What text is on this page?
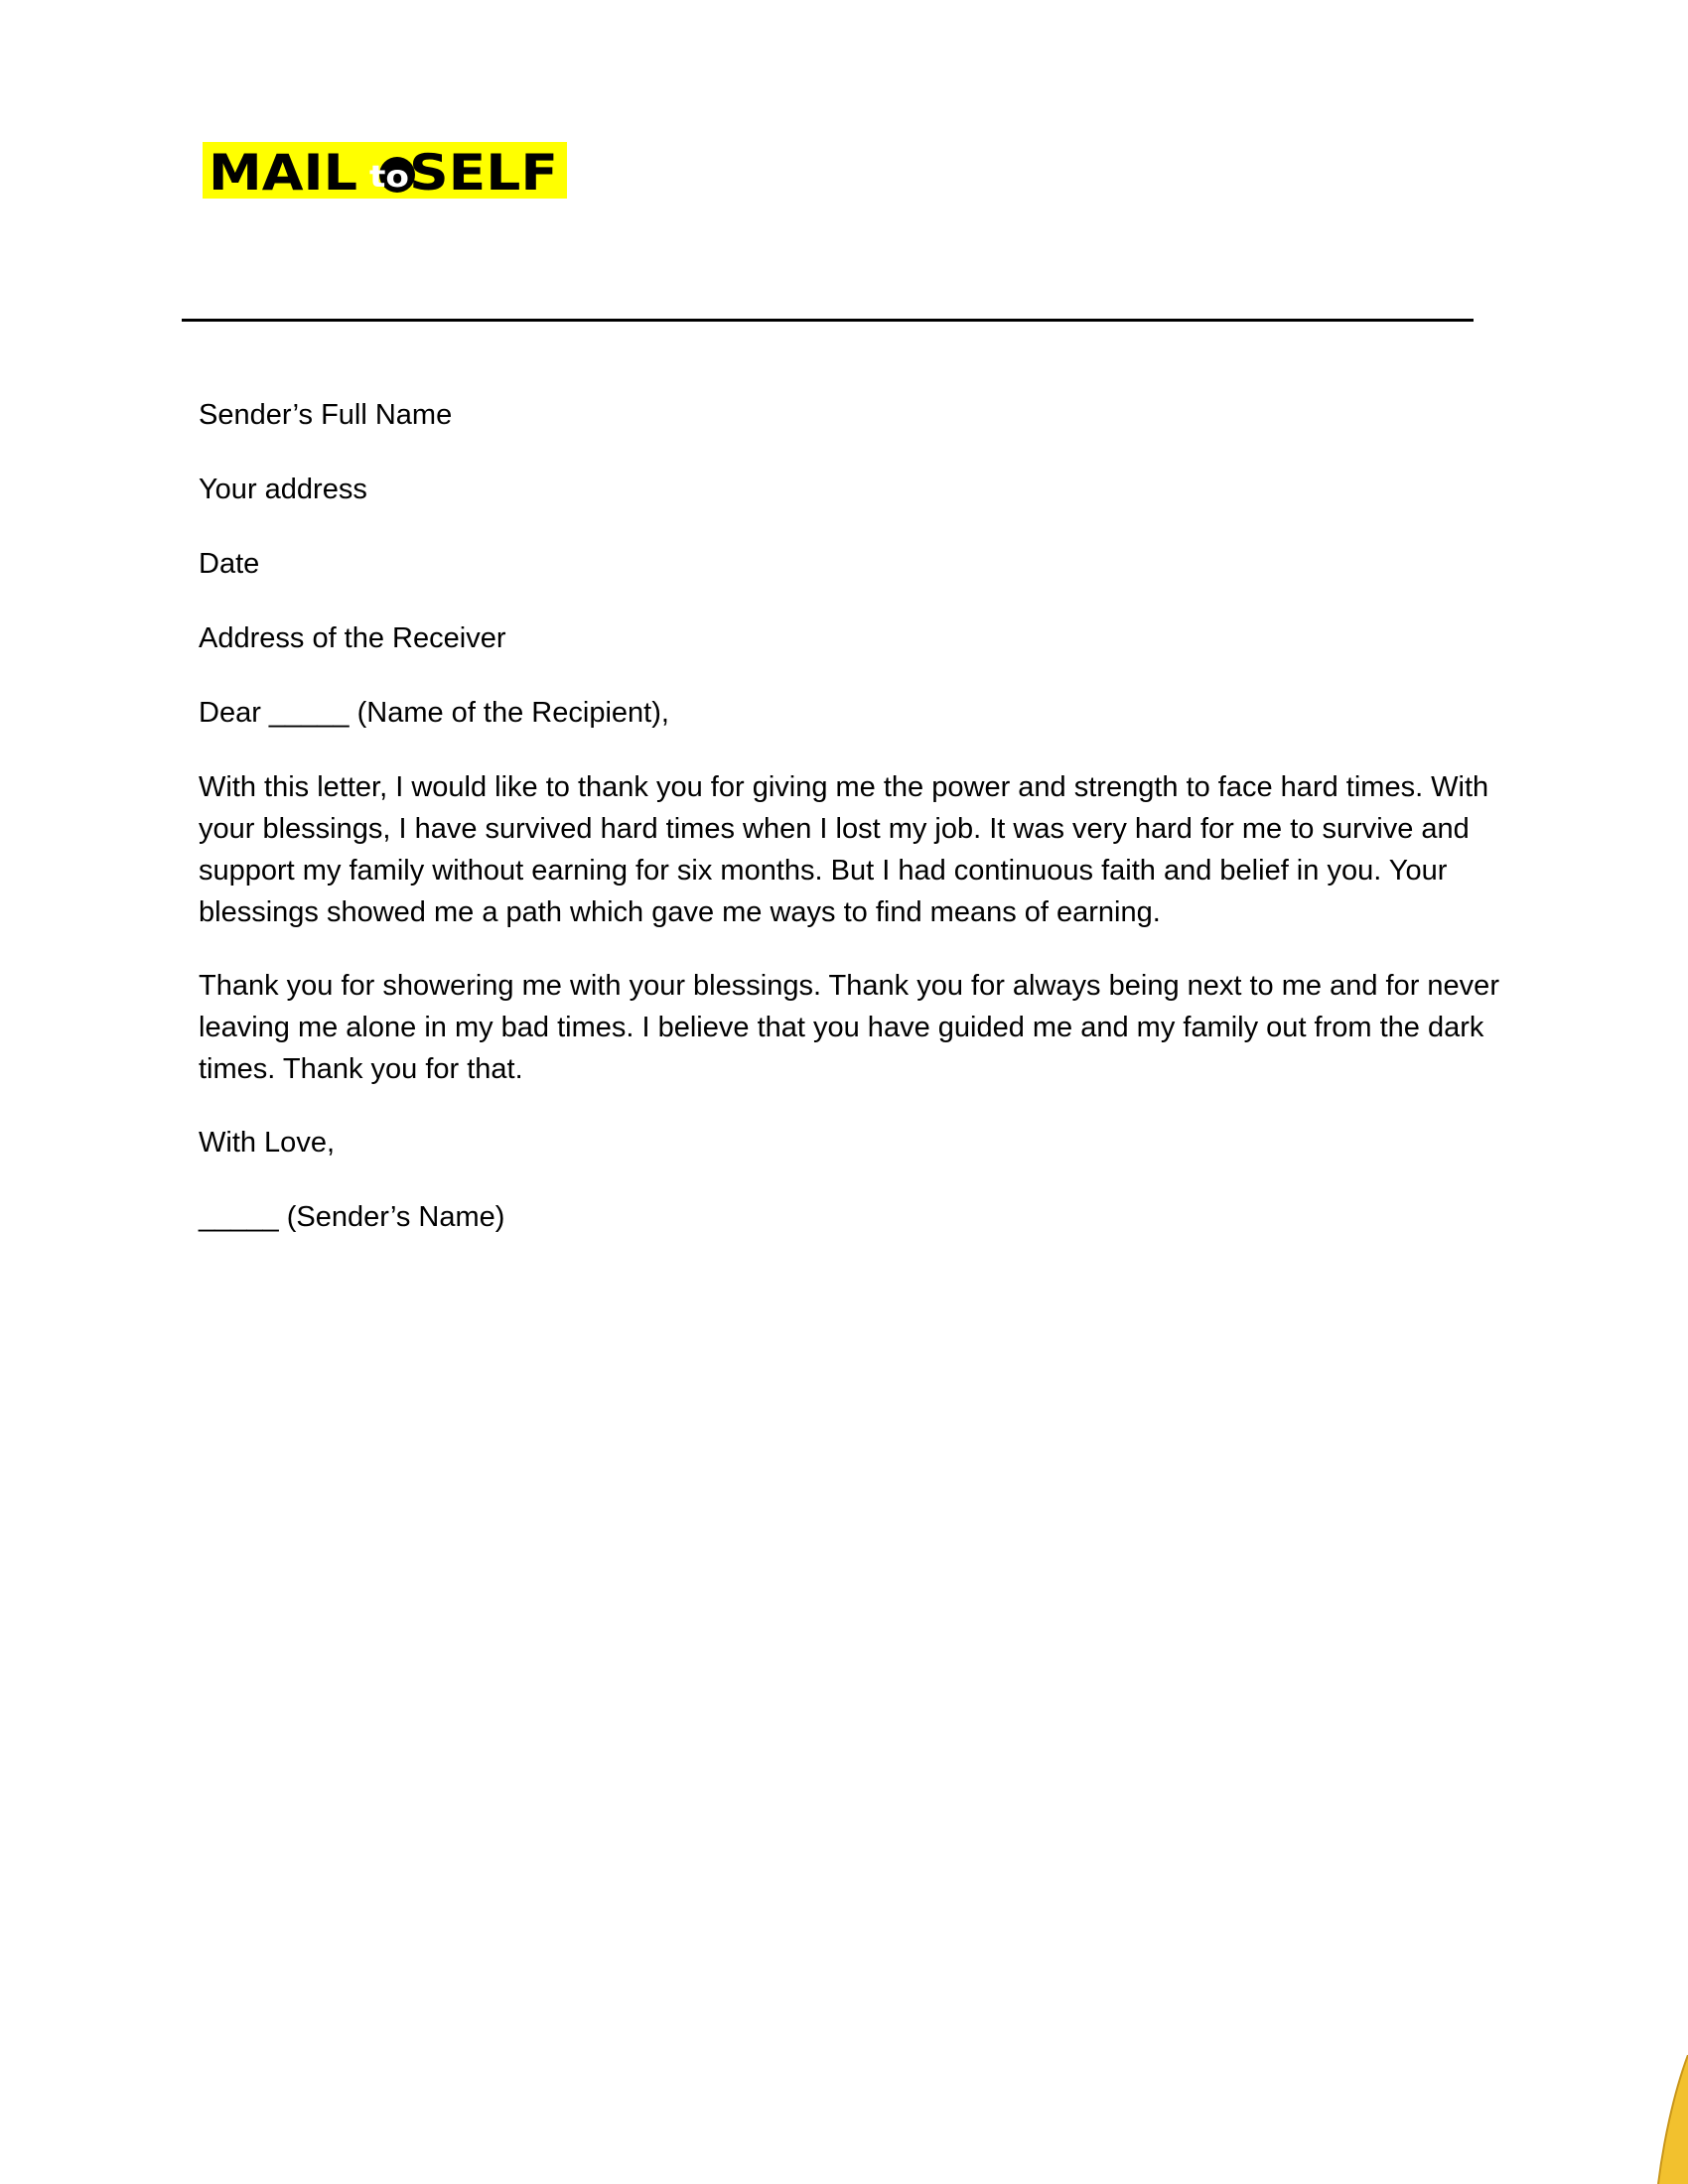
MAIL to SELF
Sender’s Full Name
Your address
Date
Address of the Receiver
Dear _____ (Name of the Recipient),
With this letter, I would like to thank you for giving me the power and strength to face hard times. With your blessings, I have survived hard times when I lost my job. It was very hard for me to survive and support my family without earning for six months. But I had continuous faith and belief in you. Your blessings showed me a path which gave me ways to find means of earning.
Thank you for showering me with your blessings. Thank you for always being next to me and for never leaving me alone in my bad times. I believe that you have guided me and my family out from the dark times. Thank you for that.
With Love,
_____ (Sender’s Name)
